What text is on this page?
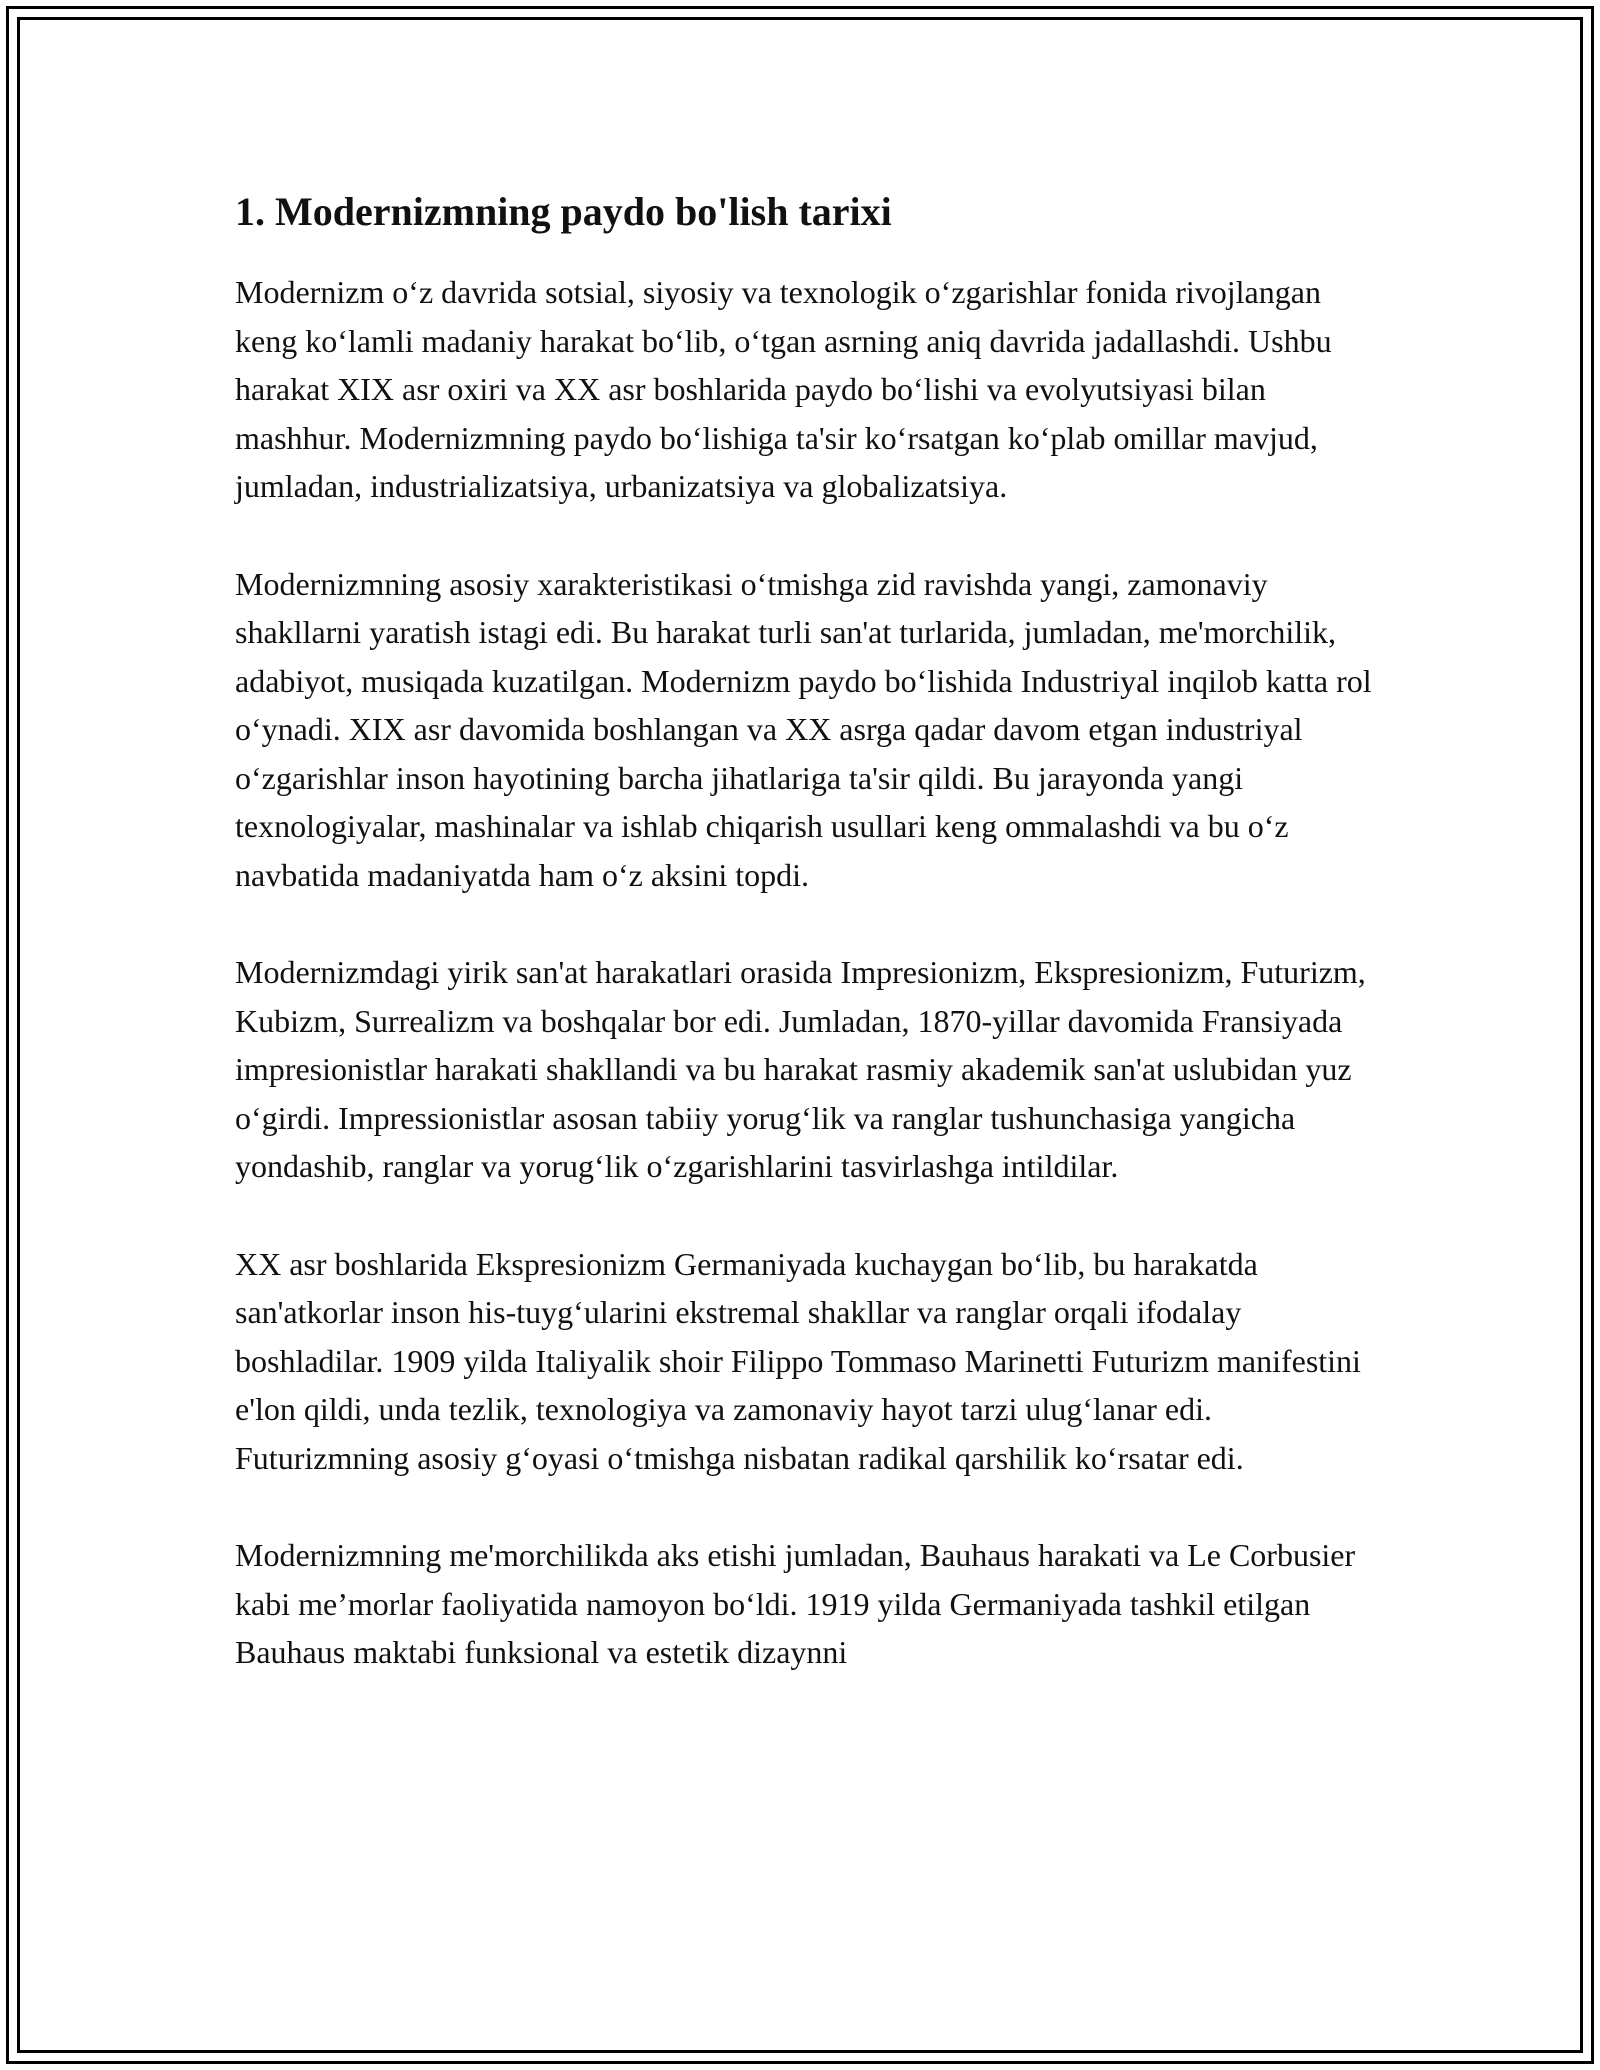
1. Modernizmning paydo bo'lish tarixi

Modernizm o‘z davrida sotsial, siyosiy va texnologik o‘zgarishlar fonida rivojlangan keng ko‘lamli madaniy harakat bo‘lib, o‘tgan asrning aniq davrida jadallashdi. Ushbu harakat XIX asr oxiri va XX asr boshlarida paydo bo‘lishi va evolyutsiyasi bilan mashhur. Modernizmning paydo bo‘lishiga ta'sir ko‘rsatgan ko‘plab omillar mavjud, jumladan, industrializatsiya, urbanizatsiya va globalizatsiya.

Modernizmning asosiy xarakteristikasi o‘tmishga zid ravishda yangi, zamonaviy shakllarni yaratish istagi edi. Bu harakat turli san'at turlarida, jumladan, me'morchilik, adabiyot, musiqada kuzatilgan. Modernizm paydo bo‘lishida Industriyal inqilob katta rol o‘ynadi. XIX asr davomida boshlangan va XX asrga qadar davom etgan industriyal o‘zgarishlar inson hayotining barcha jihatlariga ta'sir qildi. Bu jarayonda yangi texnologiyalar, mashinalar va ishlab chiqarish usullari keng ommalashdi va bu o‘z navbatida madaniyatda ham o‘z aksini topdi.

Modernizmdagi yirik san'at harakatlari orasida Impresionizm, Ekspresionizm, Futurizm, Kubizm, Surrealizm va boshqalar bor edi. Jumladan, 1870-yillar davomida Fransiyada impresionistlar harakati shakllandi va bu harakat rasmiy akademik san'at uslubidan yuz o‘girdi. Impressionistlar asosan tabiiy yorug‘lik va ranglar tushunchasiga yangicha yondashib, ranglar va yorug‘lik o‘zgarishlarini tasvirlashga intildilar.

XX asr boshlarida Ekspresionizm Germaniyada kuchaygan bo‘lib, bu harakatda san'atkorlar inson his-tuyg‘ularini ekstremal shakllar va ranglar orqali ifodalay boshladilar. 1909 yilda Italiyalik shoir Filippo Tommaso Marinetti Futurizm manifestini e'lon qildi, unda tezlik, texnologiya va zamonaviy hayot tarzi ulug‘lanar edi. Futurizmning asosiy g‘oyasi o‘tmishga nisbatan radikal qarshilik ko‘rsatar edi.

Modernizmning me'morchilikda aks etishi jumladan, Bauhaus harakati va Le Corbusier kabi me’morlar faoliyatida namoyon bo‘ldi. 1919 yilda Germaniyada tashkil etilgan Bauhaus maktabi funksional va estetik dizaynni
